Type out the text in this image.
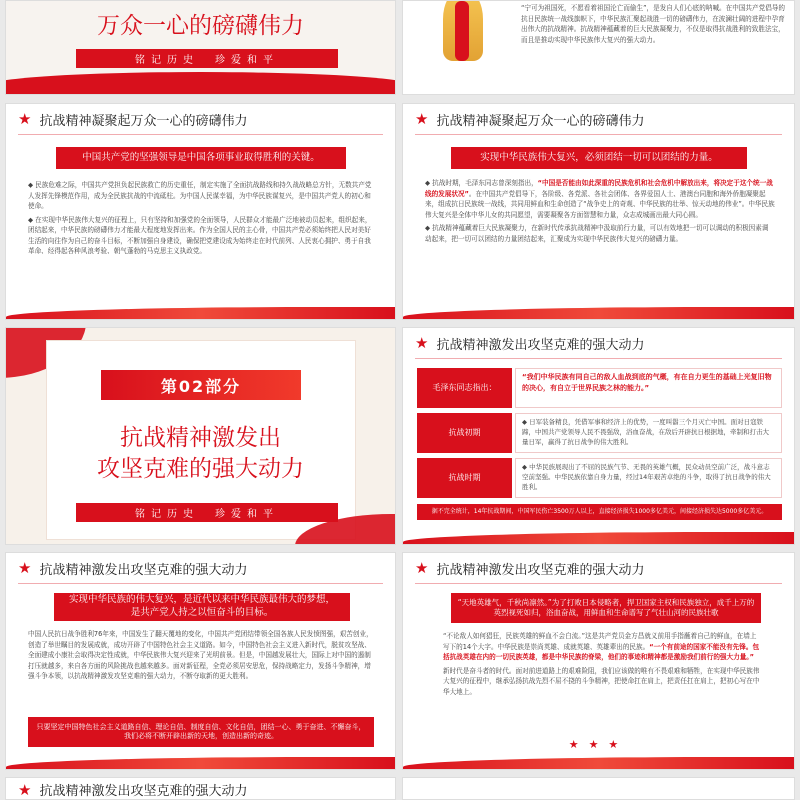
万众一心的磅礴伟力
铭记历史　珍爱和平

“宁可为祖国死，不愿看着祖国沦亡而偷生”，是发自人们心底的呐喊。在中国共产党倡导的抗日民族统一战线旗帜下，中华民族汇聚起战胜一切的磅礴伟力，在波澜壮阔的进程中孕育出伟大的抗战精神。抗战精神蕴藏着的巨大民族凝聚力，不仅是取得抗战胜利的致胜法宝，而且是推动实现中华民族伟大复兴的强大动力。

★ 抗战精神凝聚起万众一心的磅礴伟力
中国共产党的坚强领导是中国各项事业取得胜利的关键。

◆ 民族危难之际，中国共产党担负起民族救亡的历史重任，制定实施了全面抗战路线和持久战战略总方针，无数共产党人发挥先锋模范作用，成为全民族抗战的中流砥柱。为中国人民谋幸福，为中华民族谋复兴，是中国共产党人的初心和使命。

◆ 在实现中华民族伟大复兴的征程上，只有坚持和加强党的全面领导，人民群众才能最广泛地被动员起来，组织起来，团结起来，中华民族的磅礴伟力才能最大程度地发挥出来。作为全国人民的主心骨，中国共产党必须始终把人民对美好生活的向往作为自己的奋斗目标，不断加强自身建设，确保把党建设成为始终走在时代前列、人民衷心拥护、勇于自我革命、经得起各种风浪考验、朝气蓬勃的马克思主义执政党。

★ 抗战精神凝聚起万众一心的磅礴伟力
实现中华民族伟大复兴，必须团结一切可以团结的力量。

◆ 抗战时期，毛泽东同志曾深刻指出，“中国是否能由如此深重的民族危机和社会危机中解放出来，将决定于这个统一战线的发展状况”。在中国共产党倡导下，各阶级、各党派、各社会团体、各界爱国人士、港澳台同胞和海外侨胞凝聚起来，组成抗日民族统一战线，共同用鲜血和生命创造了“战争史上的奇观、中华民族的壮举、惊天动地的伟业”。中华民族伟大复兴是全体中华儿女的共同愿望，需要凝聚各方面智慧和力量，众志成城画出最大同心圆。

◆ 抗战精神蕴藏着巨大民族凝聚力，在新时代传承抗战精神中汲取前行力量，可以有效地把一切可以调动的积极因素调动起来，把一切可以团结的力量团结起来，汇聚成为实现中华民族伟大复兴的磅礴力量。

第02部分
抗战精神激发出
攻坚克难的强大动力
铭记历史　珍爱和平
★ 抗战精神激发出攻坚克难的强大动力
毛泽东同志指出：
“我们中华民族有同自己的敌人血战到底的气概，有在自力更生的基础上光复旧物的决心，有自立于世界民族之林的能力。”
抗战初期
◆ 日军装备精良，凭借军事和经济上的优势，一度叫嚣三个月灭亡中国。面对日寇铁蹄，中国共产党领导人民不畏强敌，浴血奋战，在敌后开辟抗日根据地，牵制和打击大量日军，赢得了抗日战争的伟大胜利。
抗战时期
◆ 中华民族展现出了不屈的民族气节、无畏的英雄气概，民众动员空前广泛，战斗意志空前坚强。中华民族依靠自身力量，经过14年艰苦卓绝的斗争，取得了抗日战争的伟大胜利。
据不完全统计，14年抗战期间，中国军民伤亡3500万人以上，直接经济损失1000多亿美元，间接经济损失达5000多亿美元。
★ 抗战精神激发出攻坚克难的强大动力
实现中华民族的伟大复兴，是近代以来中华民族最伟大的梦想，
是共产党人持之以恒奋斗的目标。

中国人民抗日战争胜利76年来，中国发生了翻天覆地的变化，中国共产党团结带领全国各族人民发愤图强，艰苦创业，创造了举世瞩目的发展成就，成功开辟了中国特色社会主义道路。如今，中国特色社会主义进入新时代，脱贫攻坚战、全面建成小康社会取得决定性成就，中华民族伟大复兴迎来了光明前景。但是，中国越发展壮大，国际上对中国的遏制打压就越多，来自各方面的风险挑战也越来越多。面对新征程，全党必须居安思危，保持战略定力，发扬斗争精神，增强斗争本领，以抗战精神激发攻坚克难的强大动力，不断夺取新的更大胜利。

只要坚定中国特色社会主义道路自信、理论自信、制度自信、文化自信，团结一心、勇于奋进、不懈奋斗，我们必将不断开辟出新的天地，创造出新的奇迹。
★ 抗战精神激发出攻坚克难的强大动力
“天地英雄气，千秋尚凛然。”为了打败日本侵略者，捍卫国家主权和民族独立，成千上万的英烈视死如归，浴血奋战，用鲜血和生命谱写了气壮山河的民族壮歌

“不论敌人如何猖狂，民族英雄的鲜血不会白流。”这是共产党员金方昌就义前用手指蘸着自己的鲜血，在墙上写下的14个大字。中华民族是崇尚英雄、成就英雄、英雄辈出的民族。“一个有前途的国家不能没有先锋。包括抗战英雄在内的一切民族英雄，都是中华民族的脊梁，他们的事迹和精神都是激励我们前行的强大力量。”

新时代是奋斗者的时代。面对前进道路上的艰难险阻，我们应该做的唯有不畏艰难和牺牲，在实现中华民族伟大复兴的征程中，继承弘扬抗战先烈不屈不挠的斗争精神，把使命扛在肩上，把责任扛在肩上，把初心写在中华大地上。

★★★
★ 抗战精神激发出攻坚克难的强大动力
